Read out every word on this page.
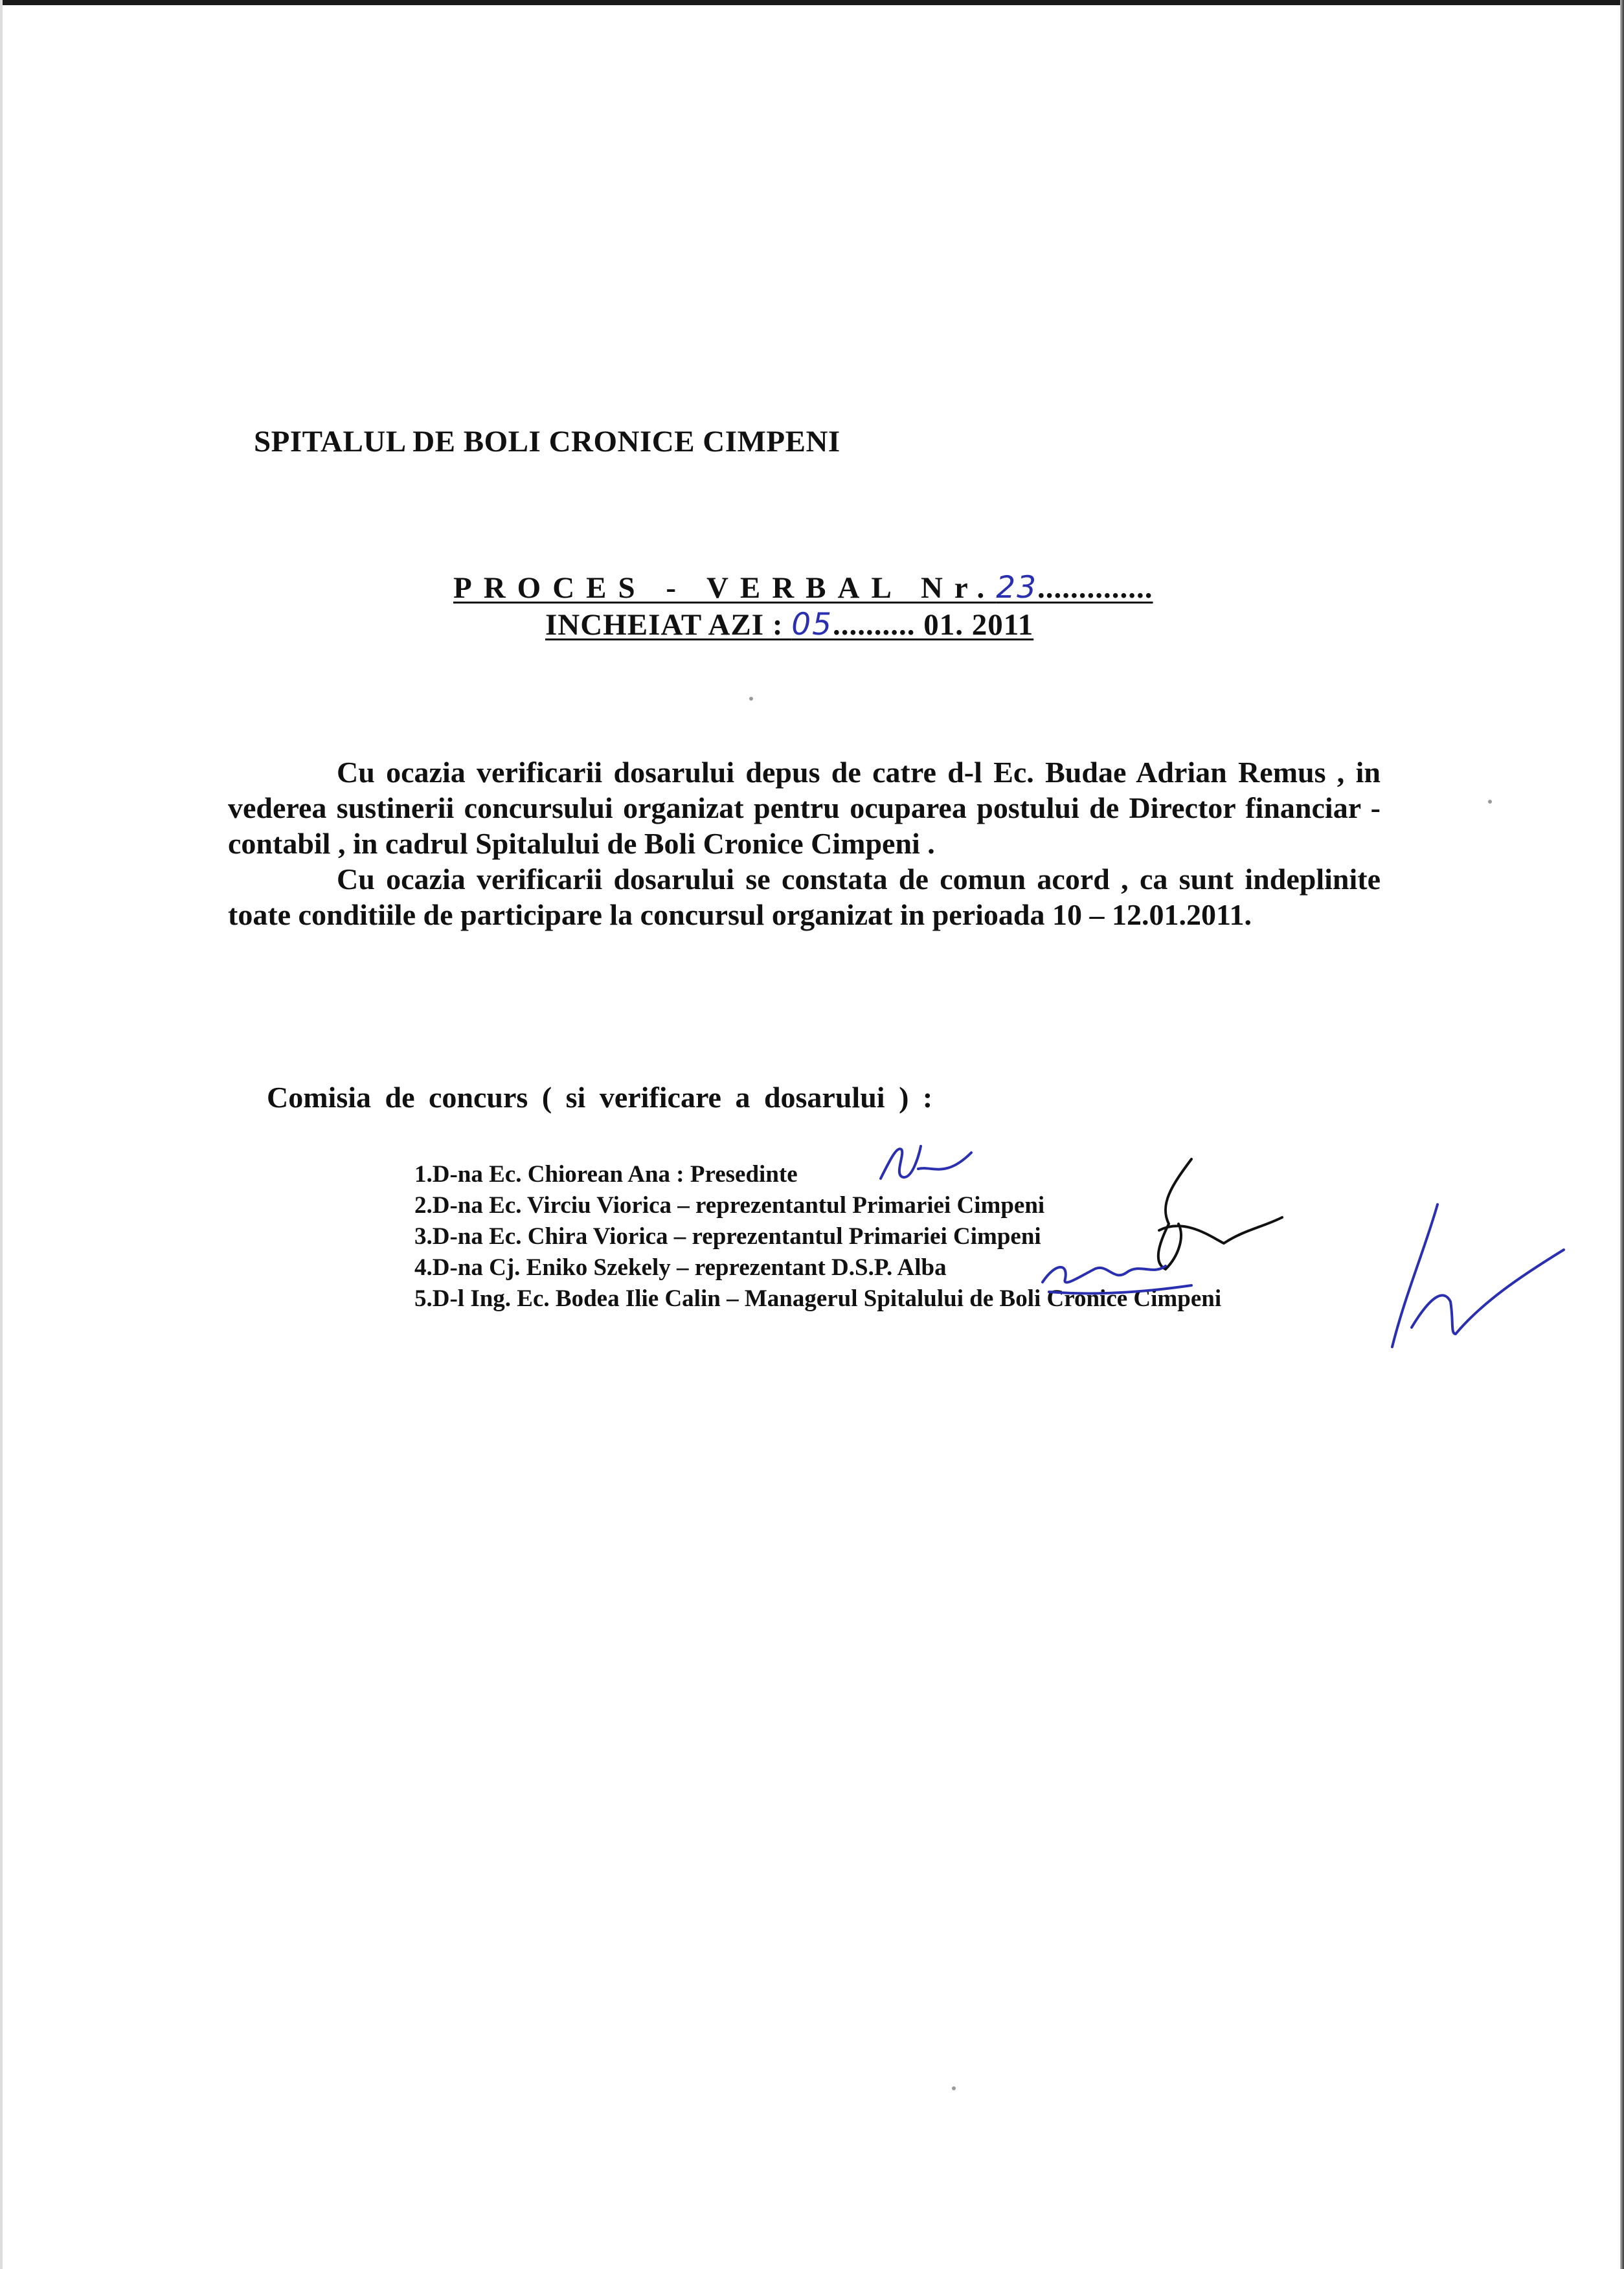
SPITALUL DE BOLI CRONICE CIMPENI
PROCES - VERBAL Nr.23..............
INCHEIAT AZI : 05.......... 01. 2011

Cu ocazia verificarii dosarului depus de catre d-l Ec. Budae Adrian Remus , in vederea sustinerii concursului organizat pentru ocuparea postului de Director financiar - contabil , in cadrul Spitalului de Boli Cronice Cimpeni .

Cu ocazia verificarii dosarului se constata de comun acord , ca sunt indeplinite toate conditiile de participare la concursul organizat in perioada 10 – 12.01.2011.

Comisia de concurs ( si verificare a dosarului ) :
1.D-na Ec. Chiorean Ana : Presedinte
2.D-na Ec. Virciu Viorica – reprezentantul Primariei Cimpeni
3.D-na Ec. Chira Viorica – reprezentantul Primariei Cimpeni
4.D-na Cj. Eniko Szekely – reprezentant D.S.P. Alba
5.D-l Ing. Ec. Bodea Ilie Calin – Managerul Spitalului de Boli Cronice Cimpeni
